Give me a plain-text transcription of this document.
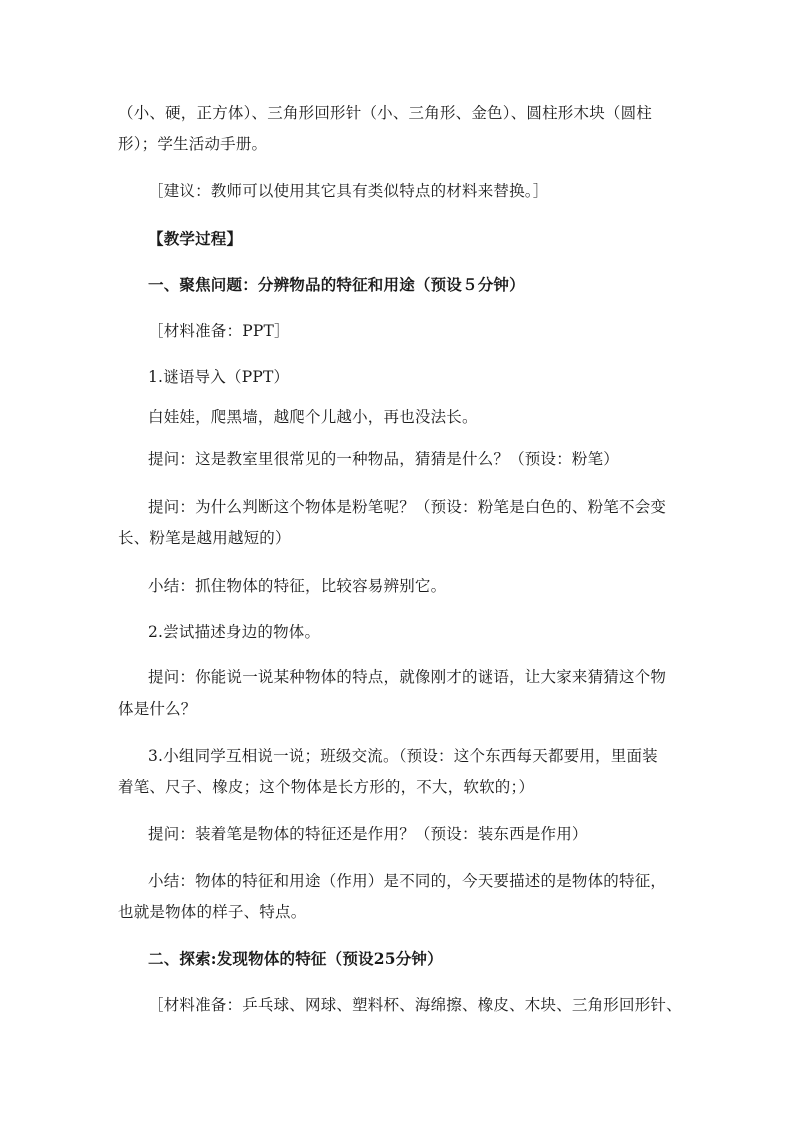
（小、硬，正方体）、三角形回形针（小、三角形、金色）、圆柱形木块（圆柱
形）；学生活动手册。
［建议：教师可以使用其它具有类似特点的材料来替换。］
【教学过程】
一、聚焦问题：分辨物品的特征和用途（预设５分钟）
［材料准备：PPT］
1.谜语导入（PPT）
白娃娃，爬黑墙，越爬个儿越小，再也没法长。
提问：这是教室里很常见的一种物品，猜猜是什么？（预设：粉笔）
提问：为什么判断这个物体是粉笔呢？（预设：粉笔是白色的、粉笔不会变
长、粉笔是越用越短的）
小结：抓住物体的特征，比较容易辨别它。
2.尝试描述身边的物体。
提问：你能说一说某种物体的特点，就像刚才的谜语，让大家来猜猜这个物
体是什么？
3.小组同学互相说一说；班级交流。（预设：这个东西每天都要用，里面装
着笔、尺子、橡皮；这个物体是长方形的，不大，软软的；）
提问：装着笔是物体的特征还是作用？（预设：装东西是作用）
小结：物体的特征和用途（作用）是不同的，今天要描述的是物体的特征，
也就是物体的样子、特点。
二、探索:发现物体的特征（预设25分钟）
［材料准备：乒乓球、网球、塑料杯、海绵擦、橡皮、木块、三角形回形针、
